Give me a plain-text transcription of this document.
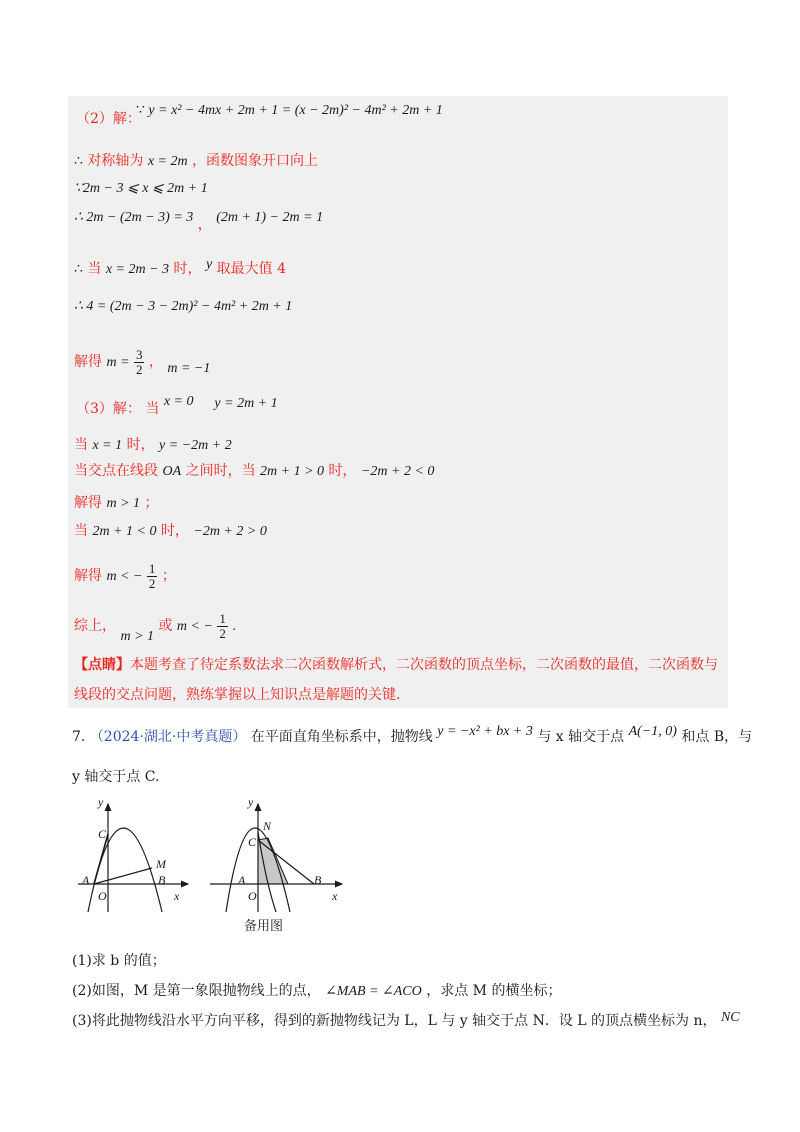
（2）解：
∵ y = x² − 4mx + 2m + 1 = (x − 2m)² − 4m² + 2m + 1
∴ 对称轴为 x = 2m ，函数图象开口向上
∵2m − 3 ⩽ x ⩽ 2m + 1
∴ 2m − (2m − 3) = 3 ， (2m + 1) − 2m = 1
∴ 当 x = 2m − 3 时， y 取最大值 4
∴ 4 = (2m − 3 − 2m)² − 4m² + 2m + 1
解得 $m = \frac{3}{2}$ ， m = −1
（3）解： 当 x = 0 y = 2m + 1
当 x = 1 时， y = −2m + 2
当交点在线段 OA 之间时，当 2m + 1 > 0 时， −2m + 2 < 0
解得 m > 1 ；
当 2m + 1 < 0 时， −2m + 2 > 0
解得 m < − $\frac{1}{2}$ ；
综上， m > 1 或 m < − $\frac{1}{2}$ .
【点睛】本题考查了待定系数法求二次函数解析式，二次函数的顶点坐标，二次函数的最值，二次函数与
线段的交点问题，熟练掌握以上知识点是解题的关键.
7. （2024·湖北·中考真题） 在平面直角坐标系中，抛物线 y = −x² + bx + 3 与 x 轴交于点 A(−1, 0) 和点 B，与
y 轴交于点 C.
y
C
M
A
O
B
x
y
N
C
A
O
B
x
备用图
(1)求 b 的值；
(2)如图，M 是第一象限抛物线上的点， ∠MAB = ∠ACO ，求点 M 的横坐标；
(3)将此抛物线沿水平方向平移，得到的新抛物线记为 L，L 与 y 轴交于点 N．设 L 的顶点横坐标为 n， NC
